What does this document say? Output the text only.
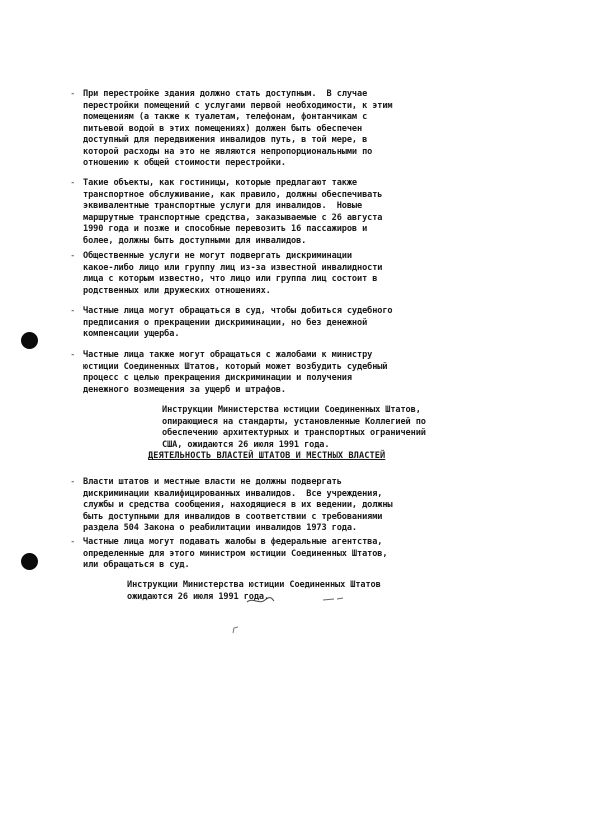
- При перестройке здания должно стать доступным.  В случае
перестройки помещений с услугами первой необходимости, к этим
помещениям (а также к туалетам, телефонам, фонтанчикам с
питьевой водой в этих помещениях) должен быть обеспечен
доступный для передвижения инвалидов путь, в той мере, в
которой расходы на это не являются непропорциональными по
отношению к общей стоимости перестройки.
- Такие объекты, как гостиницы, которые предлагают также
транспортное обслуживание, как правило, должны обеспечивать
эквивалентные транспортные услуги для инвалидов.  Новые
маршрутные транспортные средства, заказываемые с 26 августа
1990 года и позже и способные перевозить 16 пассажиров и
более, должны быть доступными для инвалидов.
- Общественные услуги не могут подвергать дискриминации
какое-либо лицо или группу лиц из-за известной инвалидности
лица с которым известно, что лицо или группа лиц состоит в
родственных или дружеских отношениях.
- Частные лица могут обращаться в суд, чтобы добиться судебного
предписания о прекращении дискриминации, но без денежной
компенсации ущерба.
- Частные лица также могут обращаться с жалобами к министру
юстиции Соединенных Штатов, который может возбудить судебный
процесс с целью прекращения дискриминации и получения
денежного возмещения за ущерб и штрафов.
Инструкции Министерства юстиции Соединенных Штатов,
опирающиеся на стандарты, установленные Коллегией по
обеспечению архитектурных и транспортных ограничений
США, ожидаются 26 июля 1991 года.
ДЕЯТЕЛЬНОСТЬ ВЛАСТЕЙ ШТАТОВ И МЕСТНЫХ ВЛАСТЕЙ
- Власти штатов и местные власти не должны подвергать
дискриминации квалифицированных инвалидов.  Все учреждения,
службы и средства сообщения, находящиеся в их ведении, должны
быть доступными для инвалидов в соответствии с требованиями
раздела 504 Закона о реабилитации инвалидов 1973 года.
- Частные лица могут подавать жалобы в федеральные агентства,
определенные для этого министром юстиции Соединенных Штатов,
или обращаться в суд.
Инструкции Министерства юстиции Соединенных Штатов
ожидаются 26 июля 1991 года.
